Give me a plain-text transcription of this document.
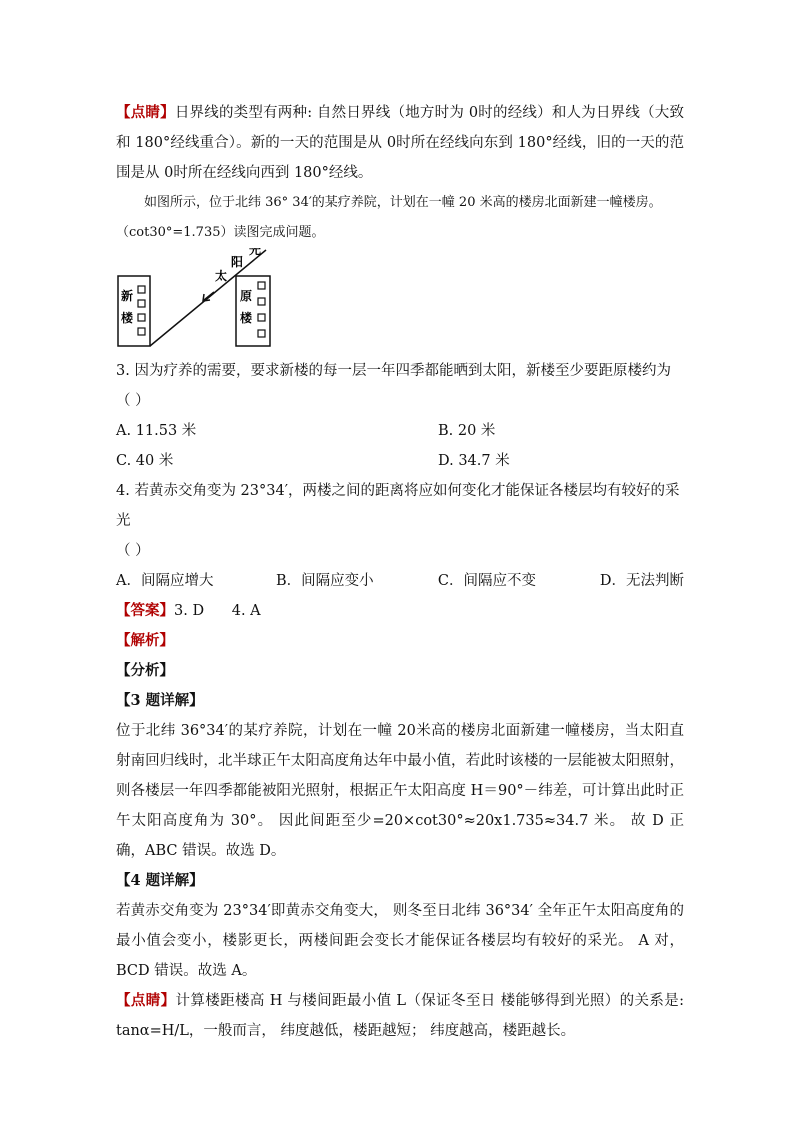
【点睛】日界线的类型有两种: 自然日界线（地方时为 0时的经线）和人为日界线（大致和 180°经线重合）。新的一天的范围是从 0时所在经线向东到 180°经线，旧的一天的范围是从 0时所在经线向西到 180°经线。

如图所示，位于北纬 36° 34′的某疗养院，计划在一幢 20 米高的楼房北面新建一幢楼房。
（cot30°=1.735）读图完成问题。
新
楼
原
楼
太
阳
光

3. 因为疗养的需要，要求新楼的每一层一年四季都能晒到太阳，新楼至少要距原楼约为

（ ）

A. 11.53 米	B. 20 米
C. 40 米	D. 34.7 米

4. 若黄赤交角变为 23°34′，两楼之间的距离将应如何变化才能保证各楼层均有较好的采光

（ ）

A．间隔应增大	B．间隔应变小	C．间隔应不变	D．无法判断

【答案】3. D      4. A

【解析】

【分析】

【3 题详解】

位于北纬 36°34′的某疗养院，计划在一幢 20米高的楼房北面新建一幢楼房，当太阳直射南回归线时，北半球正午太阳高度角达年中最小值，若此时该楼的一层能被太阳照射，则各楼层一年四季都能被阳光照射，根据正午太阳高度 H＝90°－纬差，可计算出此时正午太阳高度角为 30°。 因此间距至少=20×cot30°≈20x1.735≈34.7 米。 故 D 正确，ABC 错误。故选 D。

【4 题详解】

若黄赤交角变为 23°34′即黄赤交角变大， 则冬至日北纬 36°34′ 全年正午太阳高度角的最小值会变小，楼影更长，两楼间距会变长才能保证各楼层均有较好的采光。 A 对，BCD 错误。故选 A。

【点睛】计算楼距楼高 H 与楼间距最小值 L（保证冬至日 楼能够得到光照）的关系是: tanα=H/L，一般而言， 纬度越低，楼距越短； 纬度越高，楼距越长。
